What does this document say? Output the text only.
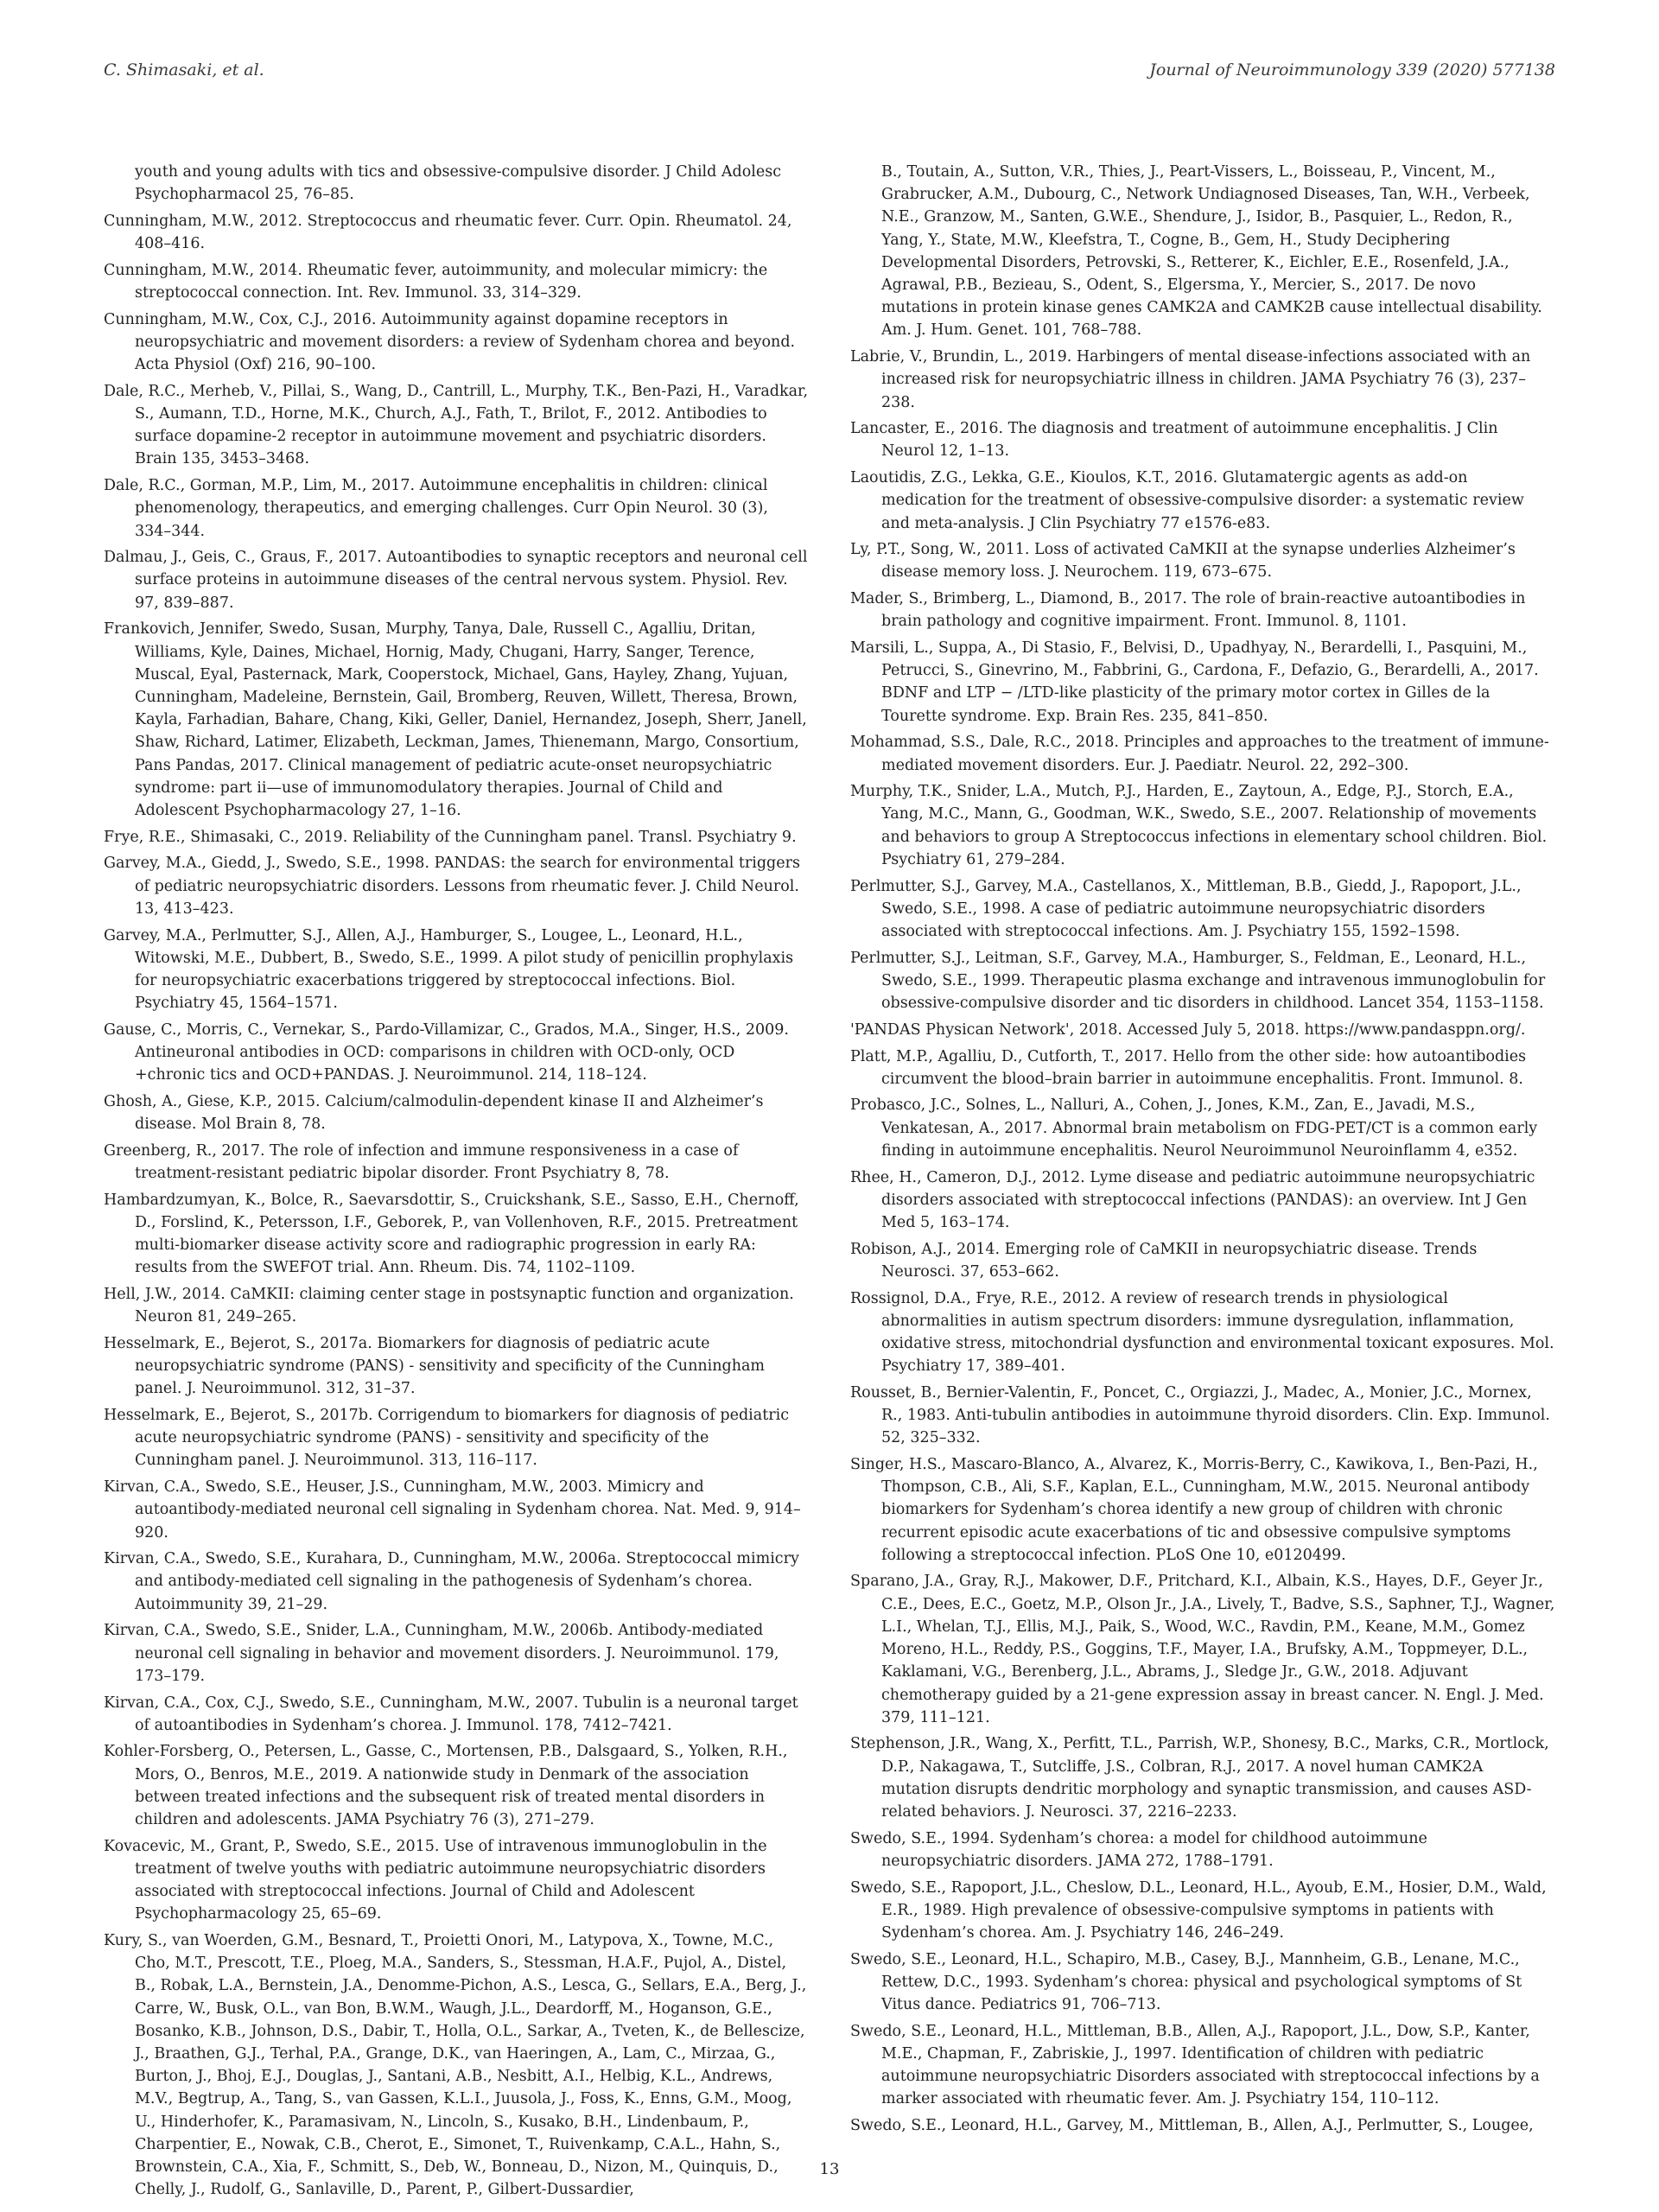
C. Shimasaki, et al.	Journal of Neuroimmunology 339 (2020) 577138

youth and young adults with tics and obsessive-compulsive disorder. J Child Adolesc Psychopharmacol 25, 76–85.

Cunningham, M.W., 2012. Streptococcus and rheumatic fever. Curr. Opin. Rheumatol. 24, 408–416.

Cunningham, M.W., 2014. Rheumatic fever, autoimmunity, and molecular mimicry: the streptococcal connection. Int. Rev. Immunol. 33, 314–329.

Cunningham, M.W., Cox, C.J., 2016. Autoimmunity against dopamine receptors in neuropsychiatric and movement disorders: a review of Sydenham chorea and beyond. Acta Physiol (Oxf) 216, 90–100.

Dale, R.C., Merheb, V., Pillai, S., Wang, D., Cantrill, L., Murphy, T.K., Ben-Pazi, H., Varadkar, S., Aumann, T.D., Horne, M.K., Church, A.J., Fath, T., Brilot, F., 2012. Antibodies to surface dopamine-2 receptor in autoimmune movement and psychiatric disorders. Brain 135, 3453–3468.

Dale, R.C., Gorman, M.P., Lim, M., 2017. Autoimmune encephalitis in children: clinical phenomenology, therapeutics, and emerging challenges. Curr Opin Neurol. 30 (3), 334–344.

Dalmau, J., Geis, C., Graus, F., 2017. Autoantibodies to synaptic receptors and neuronal cell surface proteins in autoimmune diseases of the central nervous system. Physiol. Rev. 97, 839–887.

Frankovich, Jennifer, Swedo, Susan, Murphy, Tanya, Dale, Russell C., Agalliu, Dritan, Williams, Kyle, Daines, Michael, Hornig, Mady, Chugani, Harry, Sanger, Terence, Muscal, Eyal, Pasternack, Mark, Cooperstock, Michael, Gans, Hayley, Zhang, Yujuan, Cunningham, Madeleine, Bernstein, Gail, Bromberg, Reuven, Willett, Theresa, Brown, Kayla, Farhadian, Bahare, Chang, Kiki, Geller, Daniel, Hernandez, Joseph, Sherr, Janell, Shaw, Richard, Latimer, Elizabeth, Leckman, James, Thienemann, Margo, Consortium, Pans Pandas, 2017. Clinical management of pediatric acute-onset neuropsychiatric syndrome: part ii—use of immunomodulatory therapies. Journal of Child and Adolescent Psychopharmacology 27, 1–16.

Frye, R.E., Shimasaki, C., 2019. Reliability of the Cunningham panel. Transl. Psychiatry 9.

Garvey, M.A., Giedd, J., Swedo, S.E., 1998. PANDAS: the search for environmental triggers of pediatric neuropsychiatric disorders. Lessons from rheumatic fever. J. Child Neurol. 13, 413–423.

Garvey, M.A., Perlmutter, S.J., Allen, A.J., Hamburger, S., Lougee, L., Leonard, H.L., Witowski, M.E., Dubbert, B., Swedo, S.E., 1999. A pilot study of penicillin prophylaxis for neuropsychiatric exacerbations triggered by streptococcal infections. Biol. Psychiatry 45, 1564–1571.

Gause, C., Morris, C., Vernekar, S., Pardo-Villamizar, C., Grados, M.A., Singer, H.S., 2009. Antineuronal antibodies in OCD: comparisons in children with OCD-only, OCD +chronic tics and OCD+PANDAS. J. Neuroimmunol. 214, 118–124.

Ghosh, A., Giese, K.P., 2015. Calcium/calmodulin-dependent kinase II and Alzheimer’s disease. Mol Brain 8, 78.

Greenberg, R., 2017. The role of infection and immune responsiveness in a case of treatment-resistant pediatric bipolar disorder. Front Psychiatry 8, 78.

Hambardzumyan, K., Bolce, R., Saevarsdottir, S., Cruickshank, S.E., Sasso, E.H., Chernoff, D., Forslind, K., Petersson, I.F., Geborek, P., van Vollenhoven, R.F., 2015. Pretreatment multi-biomarker disease activity score and radiographic progression in early RA: results from the SWEFOT trial. Ann. Rheum. Dis. 74, 1102–1109.

Hell, J.W., 2014. CaMKII: claiming center stage in postsynaptic function and organization. Neuron 81, 249–265.

Hesselmark, E., Bejerot, S., 2017a. Biomarkers for diagnosis of pediatric acute neuropsychiatric syndrome (PANS) - sensitivity and specificity of the Cunningham panel. J. Neuroimmunol. 312, 31–37.

Hesselmark, E., Bejerot, S., 2017b. Corrigendum to biomarkers for diagnosis of pediatric acute neuropsychiatric syndrome (PANS) - sensitivity and specificity of the Cunningham panel. J. Neuroimmunol. 313, 116–117.

Kirvan, C.A., Swedo, S.E., Heuser, J.S., Cunningham, M.W., 2003. Mimicry and autoantibody-mediated neuronal cell signaling in Sydenham chorea. Nat. Med. 9, 914–920.

Kirvan, C.A., Swedo, S.E., Kurahara, D., Cunningham, M.W., 2006a. Streptococcal mimicry and antibody-mediated cell signaling in the pathogenesis of Sydenham’s chorea. Autoimmunity 39, 21–29.

Kirvan, C.A., Swedo, S.E., Snider, L.A., Cunningham, M.W., 2006b. Antibody-mediated neuronal cell signaling in behavior and movement disorders. J. Neuroimmunol. 179, 173–179.

Kirvan, C.A., Cox, C.J., Swedo, S.E., Cunningham, M.W., 2007. Tubulin is a neuronal target of autoantibodies in Sydenham’s chorea. J. Immunol. 178, 7412–7421.

Kohler-Forsberg, O., Petersen, L., Gasse, C., Mortensen, P.B., Dalsgaard, S., Yolken, R.H., Mors, O., Benros, M.E., 2019. A nationwide study in Denmark of the association between treated infections and the subsequent risk of treated mental disorders in children and adolescents. JAMA Psychiatry 76 (3), 271–279.

Kovacevic, M., Grant, P., Swedo, S.E., 2015. Use of intravenous immunoglobulin in the treatment of twelve youths with pediatric autoimmune neuropsychiatric disorders associated with streptococcal infections. Journal of Child and Adolescent Psychopharmacology 25, 65–69.

Kury, S., van Woerden, G.M., Besnard, T., Proietti Onori, M., Latypova, X., Towne, M.C., Cho, M.T., Prescott, T.E., Ploeg, M.A., Sanders, S., Stessman, H.A.F., Pujol, A., Distel, B., Robak, L.A., Bernstein, J.A., Denomme-Pichon, A.S., Lesca, G., Sellars, E.A., Berg, J., Carre, W., Busk, O.L., van Bon, B.W.M., Waugh, J.L., Deardorff, M., Hoganson, G.E., Bosanko, K.B., Johnson, D.S., Dabir, T., Holla, O.L., Sarkar, A., Tveten, K., de Bellescize, J., Braathen, G.J., Terhal, P.A., Grange, D.K., van Haeringen, A., Lam, C., Mirzaa, G., Burton, J., Bhoj, E.J., Douglas, J., Santani, A.B., Nesbitt, A.I., Helbig, K.L., Andrews, M.V., Begtrup, A., Tang, S., van Gassen, K.L.I., Juusola, J., Foss, K., Enns, G.M., Moog, U., Hinderhofer, K., Paramasivam, N., Lincoln, S., Kusako, B.H., Lindenbaum, P., Charpentier, E., Nowak, C.B., Cherot, E., Simonet, T., Ruivenkamp, C.A.L., Hahn, S., Brownstein, C.A., Xia, F., Schmitt, S., Deb, W., Bonneau, D., Nizon, M., Quinquis, D., Chelly, J., Rudolf, G., Sanlaville, D., Parent, P., Gilbert-Dussardier,

B., Toutain, A., Sutton, V.R., Thies, J., Peart-Vissers, L., Boisseau, P., Vincent, M., Grabrucker, A.M., Dubourg, C., Network Undiagnosed Diseases, Tan, W.H., Verbeek, N.E., Granzow, M., Santen, G.W.E., Shendure, J., Isidor, B., Pasquier, L., Redon, R., Yang, Y., State, M.W., Kleefstra, T., Cogne, B., Gem, H., Study Deciphering Developmental Disorders, Petrovski, S., Retterer, K., Eichler, E.E., Rosenfeld, J.A., Agrawal, P.B., Bezieau, S., Odent, S., Elgersma, Y., Mercier, S., 2017. De novo mutations in protein kinase genes CAMK2A and CAMK2B cause intellectual disability. Am. J. Hum. Genet. 101, 768–788.

Labrie, V., Brundin, L., 2019. Harbingers of mental disease-infections associated with an increased risk for neuropsychiatric illness in children. JAMA Psychiatry 76 (3), 237–238.

Lancaster, E., 2016. The diagnosis and treatment of autoimmune encephalitis. J Clin Neurol 12, 1–13.

Laoutidis, Z.G., Lekka, G.E., Kioulos, K.T., 2016. Glutamatergic agents as add-on medication for the treatment of obsessive-compulsive disorder: a systematic review and meta-analysis. J Clin Psychiatry 77 e1576-e83.

Ly, P.T., Song, W., 2011. Loss of activated CaMKII at the synapse underlies Alzheimer’s disease memory loss. J. Neurochem. 119, 673–675.

Mader, S., Brimberg, L., Diamond, B., 2017. The role of brain-reactive autoantibodies in brain pathology and cognitive impairment. Front. Immunol. 8, 1101.

Marsili, L., Suppa, A., Di Stasio, F., Belvisi, D., Upadhyay, N., Berardelli, I., Pasquini, M., Petrucci, S., Ginevrino, M., Fabbrini, G., Cardona, F., Defazio, G., Berardelli, A., 2017. BDNF and LTP − /LTD-like plasticity of the primary motor cortex in Gilles de la Tourette syndrome. Exp. Brain Res. 235, 841–850.

Mohammad, S.S., Dale, R.C., 2018. Principles and approaches to the treatment of immune-mediated movement disorders. Eur. J. Paediatr. Neurol. 22, 292–300.

Murphy, T.K., Snider, L.A., Mutch, P.J., Harden, E., Zaytoun, A., Edge, P.J., Storch, E.A., Yang, M.C., Mann, G., Goodman, W.K., Swedo, S.E., 2007. Relationship of movements and behaviors to group A Streptococcus infections in elementary school children. Biol. Psychiatry 61, 279–284.

Perlmutter, S.J., Garvey, M.A., Castellanos, X., Mittleman, B.B., Giedd, J., Rapoport, J.L., Swedo, S.E., 1998. A case of pediatric autoimmune neuropsychiatric disorders associated with streptococcal infections. Am. J. Psychiatry 155, 1592–1598.

Perlmutter, S.J., Leitman, S.F., Garvey, M.A., Hamburger, S., Feldman, E., Leonard, H.L., Swedo, S.E., 1999. Therapeutic plasma exchange and intravenous immunoglobulin for obsessive-compulsive disorder and tic disorders in childhood. Lancet 354, 1153–1158.

'PANDAS Physican Network', 2018. Accessed July 5, 2018. https://www.pandasppn.org/.

Platt, M.P., Agalliu, D., Cutforth, T., 2017. Hello from the other side: how autoantibodies circumvent the blood–brain barrier in autoimmune encephalitis. Front. Immunol. 8.

Probasco, J.C., Solnes, L., Nalluri, A., Cohen, J., Jones, K.M., Zan, E., Javadi, M.S., Venkatesan, A., 2017. Abnormal brain metabolism on FDG-PET/CT is a common early finding in autoimmune encephalitis. Neurol Neuroimmunol Neuroinflamm 4, e352.

Rhee, H., Cameron, D.J., 2012. Lyme disease and pediatric autoimmune neuropsychiatric disorders associated with streptococcal infections (PANDAS): an overview. Int J Gen Med 5, 163–174.

Robison, A.J., 2014. Emerging role of CaMKII in neuropsychiatric disease. Trends Neurosci. 37, 653–662.

Rossignol, D.A., Frye, R.E., 2012. A review of research trends in physiological abnormalities in autism spectrum disorders: immune dysregulation, inflammation, oxidative stress, mitochondrial dysfunction and environmental toxicant exposures. Mol. Psychiatry 17, 389–401.

Rousset, B., Bernier-Valentin, F., Poncet, C., Orgiazzi, J., Madec, A., Monier, J.C., Mornex, R., 1983. Anti-tubulin antibodies in autoimmune thyroid disorders. Clin. Exp. Immunol. 52, 325–332.

Singer, H.S., Mascaro-Blanco, A., Alvarez, K., Morris-Berry, C., Kawikova, I., Ben-Pazi, H., Thompson, C.B., Ali, S.F., Kaplan, E.L., Cunningham, M.W., 2015. Neuronal antibody biomarkers for Sydenham’s chorea identify a new group of children with chronic recurrent episodic acute exacerbations of tic and obsessive compulsive symptoms following a streptococcal infection. PLoS One 10, e0120499.

Sparano, J.A., Gray, R.J., Makower, D.F., Pritchard, K.I., Albain, K.S., Hayes, D.F., Geyer Jr., C.E., Dees, E.C., Goetz, M.P., Olson Jr., J.A., Lively, T., Badve, S.S., Saphner, T.J., Wagner, L.I., Whelan, T.J., Ellis, M.J., Paik, S., Wood, W.C., Ravdin, P.M., Keane, M.M., Gomez Moreno, H.L., Reddy, P.S., Goggins, T.F., Mayer, I.A., Brufsky, A.M., Toppmeyer, D.L., Kaklamani, V.G., Berenberg, J.L., Abrams, J., Sledge Jr., G.W., 2018. Adjuvant chemotherapy guided by a 21-gene expression assay in breast cancer. N. Engl. J. Med. 379, 111–121.

Stephenson, J.R., Wang, X., Perfitt, T.L., Parrish, W.P., Shonesy, B.C., Marks, C.R., Mortlock, D.P., Nakagawa, T., Sutcliffe, J.S., Colbran, R.J., 2017. A novel human CAMK2A mutation disrupts dendritic morphology and synaptic transmission, and causes ASD-related behaviors. J. Neurosci. 37, 2216–2233.

Swedo, S.E., 1994. Sydenham’s chorea: a model for childhood autoimmune neuropsychiatric disorders. JAMA 272, 1788–1791.

Swedo, S.E., Rapoport, J.L., Cheslow, D.L., Leonard, H.L., Ayoub, E.M., Hosier, D.M., Wald, E.R., 1989. High prevalence of obsessive-compulsive symptoms in patients with Sydenham’s chorea. Am. J. Psychiatry 146, 246–249.

Swedo, S.E., Leonard, H.L., Schapiro, M.B., Casey, B.J., Mannheim, G.B., Lenane, M.C., Rettew, D.C., 1993. Sydenham’s chorea: physical and psychological symptoms of St Vitus dance. Pediatrics 91, 706–713.

Swedo, S.E., Leonard, H.L., Mittleman, B.B., Allen, A.J., Rapoport, J.L., Dow, S.P., Kanter, M.E., Chapman, F., Zabriskie, J., 1997. Identification of children with pediatric autoimmune neuropsychiatric Disorders associated with streptococcal infections by a marker associated with rheumatic fever. Am. J. Psychiatry 154, 110–112.

Swedo, S.E., Leonard, H.L., Garvey, M., Mittleman, B., Allen, A.J., Perlmutter, S., Lougee,

13
